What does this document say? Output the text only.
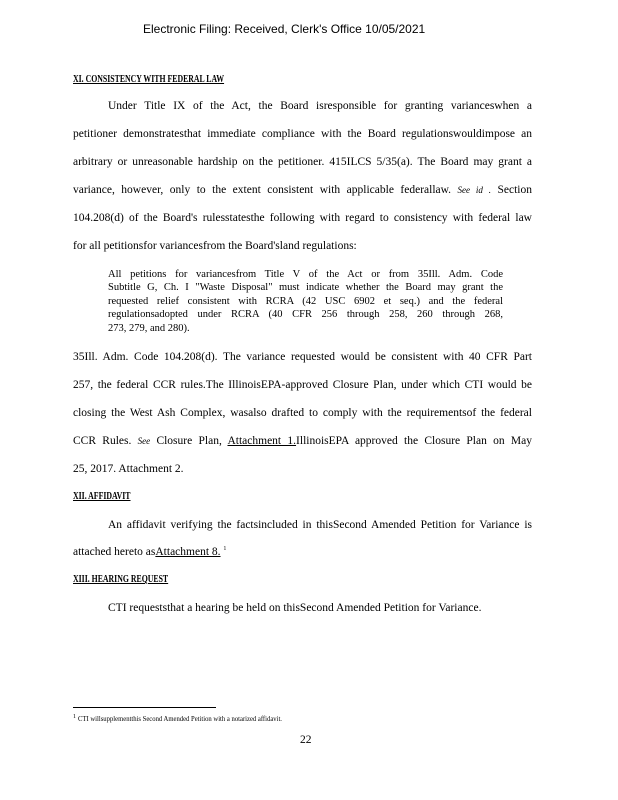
Electronic Filing: Received, Clerk's Office 10/05/2021
XI. CONSISTENCY WITH FEDERAL LAW
Under Title IX of the Act, the Board isresponsible for granting varianceswhen a
petitioner demonstratesthat immediate compliance with the Board regulationswouldimpose an
arbitrary or unreasonable hardship on the petitioner. 415ILCS 5/35(a). The Board may grant a
variance, however, only to the extent consistent with applicable federallaw. See id . Section
104.208(d) of the Board's rulesstatesthe following with regard to consistency with federal law
for all petitionsfor variancesfrom the Board'sland regulations:
All petitions for variancesfrom Title V of the Act or from 35Ill. Adm. Code
Subtitle G, Ch. I "Waste Disposal" must indicate whether the Board may grant the
requested relief consistent with RCRA (42 USC 6902 et seq.) and the federal
regulationsadopted under RCRA (40 CFR 256 through 258, 260 through 268,
273, 279, and 280).
35Ill. Adm. Code 104.208(d). The variance requested would be consistent with 40 CFR Part
257, the federal CCR rules.The IllinoisEPA-approved Closure Plan, under which CTI would be
closing the West Ash Complex, wasalso drafted to comply with the requirementsof the federal
CCR Rules. See Closure Plan, Attachment 1.IllinoisEPA approved the Closure Plan on May
25, 2017. Attachment 2.
XII. AFFIDAVIT
An affidavit verifying the factsincluded in thisSecond Amended Petition for Variance is
attached hereto asAttachment 8. $^1$
XIII. HEARING REQUEST
CTI requeststhat a hearing be held on thisSecond Amended Petition for Variance.
1 CTI willsupplementthis Second Amended Petition with a notarized affidavit.
22
